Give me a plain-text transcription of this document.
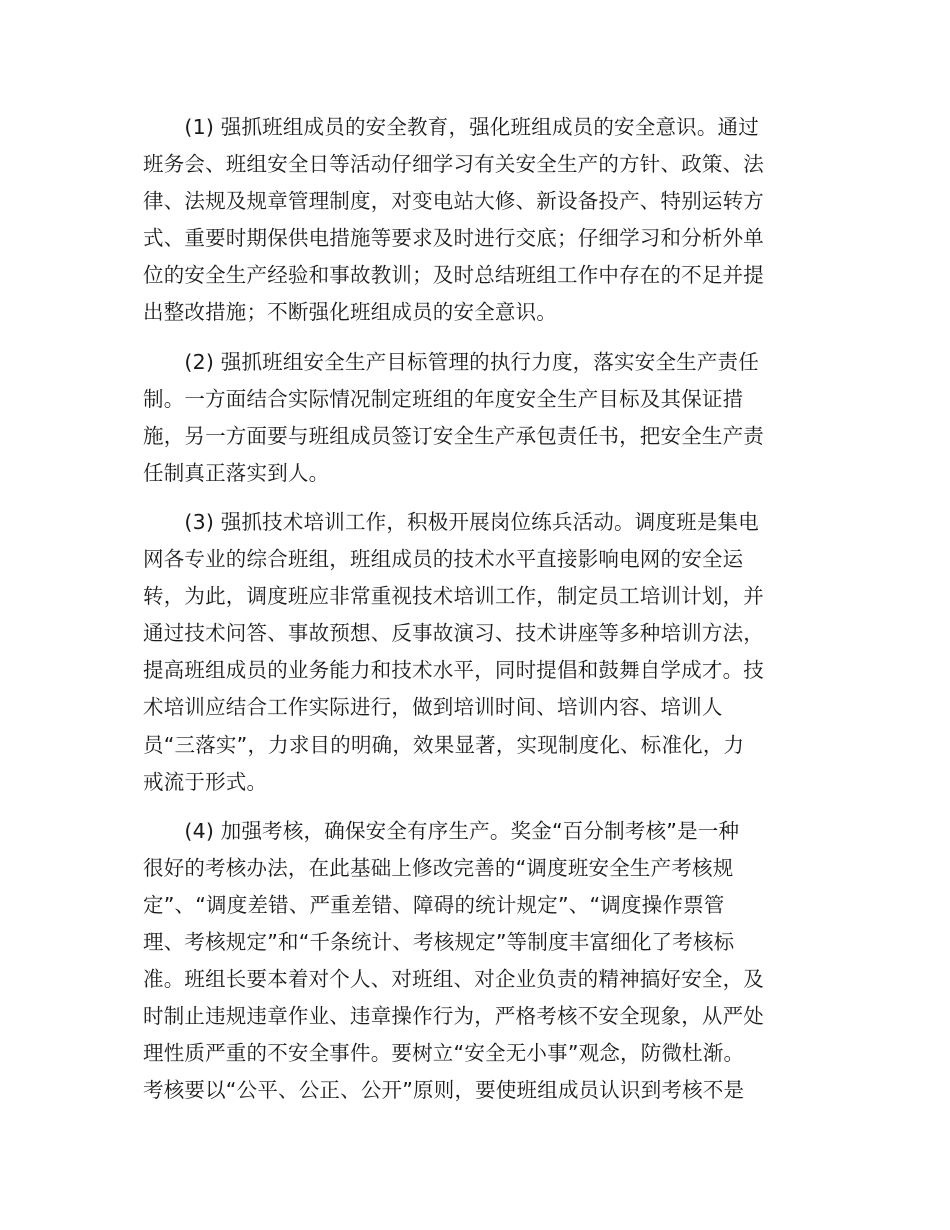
　　(1) 强抓班组成员的安全教育，强化班组成员的安全意识。通过
班务会、班组安全日等活动仔细学习有关安全生产的方针、政策、法
律、法规及规章管理制度，对变电站大修、新设备投产、特别运转方
式、重要时期保供电措施等要求及时进行交底；仔细学习和分析外单
位的安全生产经验和事故教训；及时总结班组工作中存在的不足并提
出整改措施；不断强化班组成员的安全意识。
　　(2) 强抓班组安全生产目标管理的执行力度，落实安全生产责任
制。一方面结合实际情况制定班组的年度安全生产目标及其保证措
施，另一方面要与班组成员签订安全生产承包责任书，把安全生产责
任制真正落实到人。
　　(3) 强抓技术培训工作，积极开展岗位练兵活动。调度班是集电
网各专业的综合班组，班组成员的技术水平直接影响电网的安全运
转，为此，调度班应非常重视技术培训工作，制定员工培训计划，并
通过技术问答、事故预想、反事故演习、技术讲座等多种培训方法，
提高班组成员的业务能力和技术水平，同时提倡和鼓舞自学成才。技
术培训应结合工作实际进行，做到培训时间、培训内容、培训人
员“三落实”，力求目的明确，效果显著，实现制度化、标准化，力
戒流于形式。
　　(4) 加强考核，确保安全有序生产。奖金“百分制考核”是一种
很好的考核办法，在此基础上修改完善的“调度班安全生产考核规
定”、“调度差错、严重差错、障碍的统计规定”、“调度操作票管
理、考核规定”和“千条统计、考核规定”等制度丰富细化了考核标
准。班组长要本着对个人、对班组、对企业负责的精神搞好安全，及
时制止违规违章作业、违章操作行为，严格考核不安全现象，从严处
理性质严重的不安全事件。要树立“安全无小事”观念，防微杜渐。
考核要以“公平、公正、公开”原则，要使班组成员认识到考核不是
